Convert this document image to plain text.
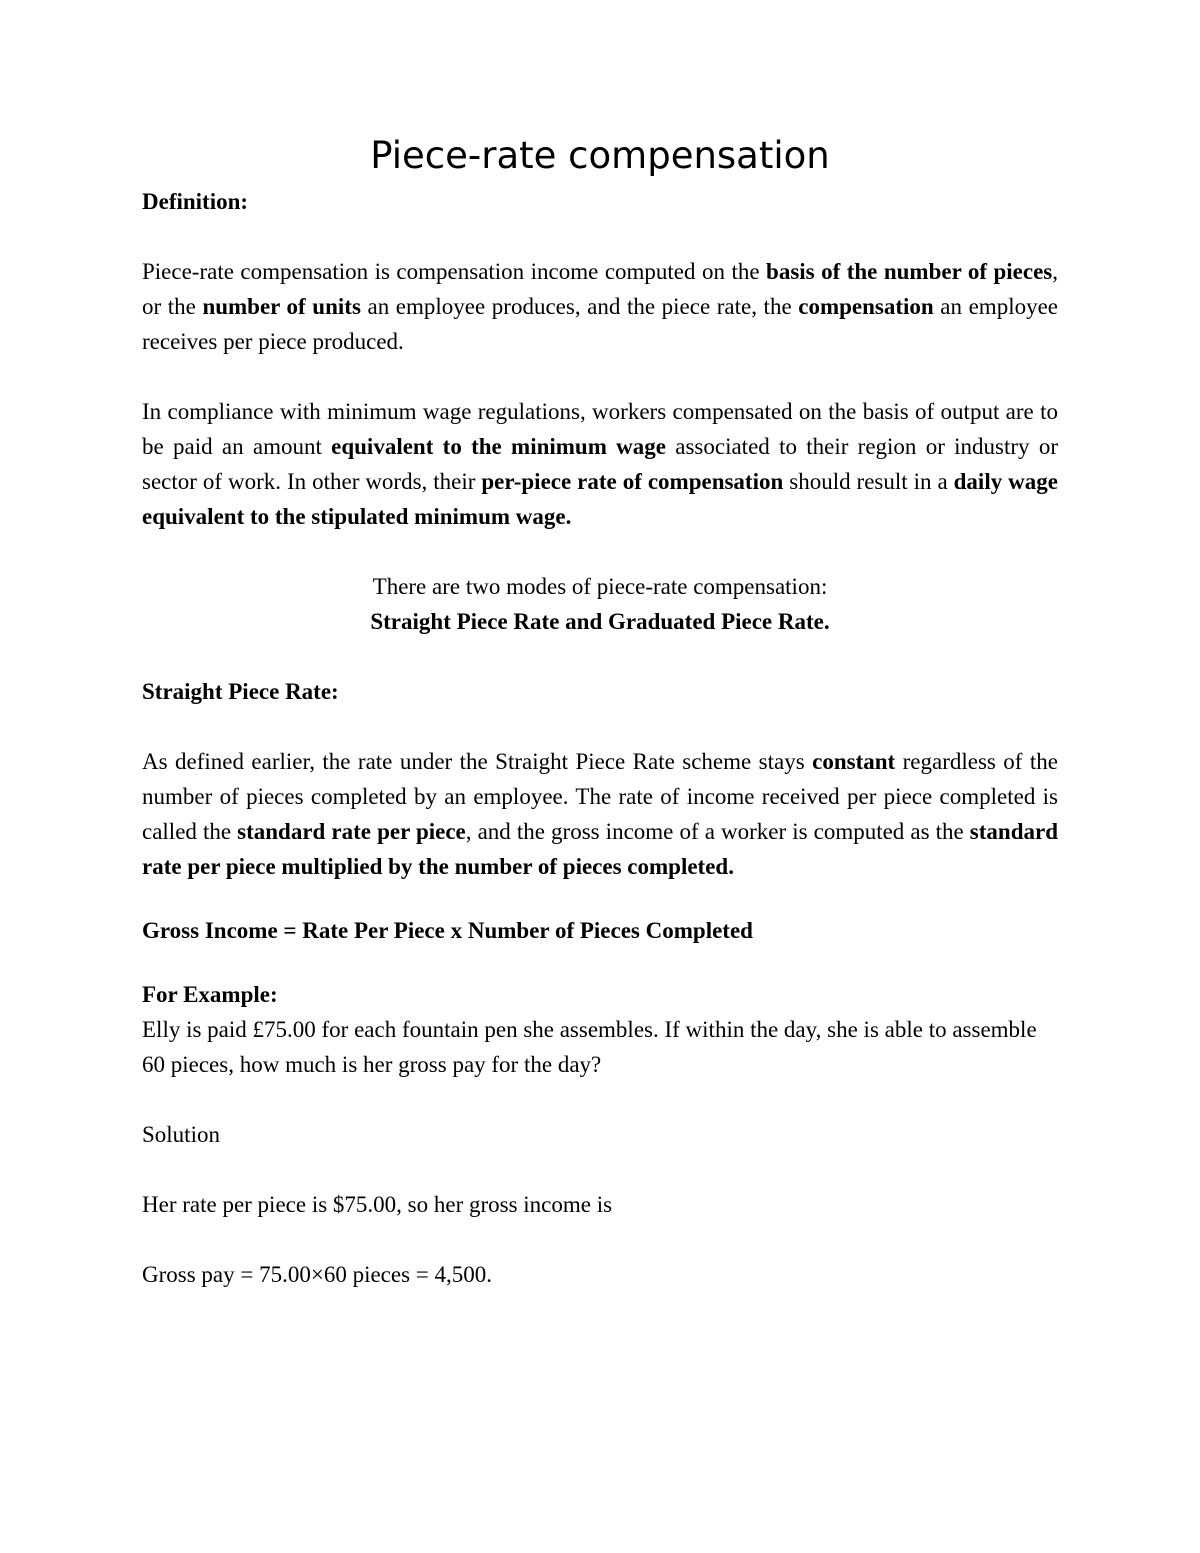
Piece-rate compensation

Definition:

Piece-rate compensation is compensation income computed on the basis of the number of pieces, or the number of units an employee produces, and the piece rate, the compensation an employee receives per piece produced.

In compliance with minimum wage regulations, workers compensated on the basis of output are to be paid an amount equivalent to the minimum wage associated to their region or industry or sector of work. In other words, their per-piece rate of compensation should result in a daily wage equivalent to the stipulated minimum wage.

There are two modes of piece-rate compensation:

Straight Piece Rate and Graduated Piece Rate.

Straight Piece Rate:

As defined earlier, the rate under the Straight Piece Rate scheme stays constant regardless of the number of pieces completed by an employee. The rate of income received per piece completed is called the standard rate per piece, and the gross income of a worker is computed as the standard rate per piece multiplied by the number of pieces completed.

Gross Income = Rate Per Piece x Number of Pieces Completed

For Example:

Elly is paid £75.00 for each fountain pen she assembles. If within the day, she is able to assemble 60 pieces, how much is her gross pay for the day?

Solution

Her rate per piece is $75.00, so her gross income is

Gross pay = 75.00×60 pieces = 4,500.
